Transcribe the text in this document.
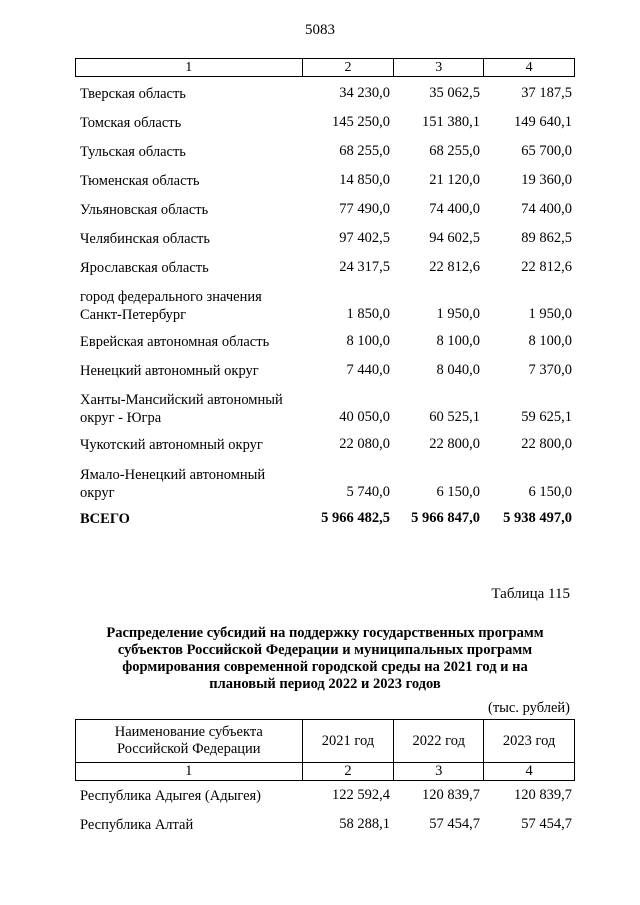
5083
1	2	3	4
Тверская область	34 230,0	35 062,5	37 187,5
Томская область	145 250,0	151 380,1	149 640,1
Тульская область	68 255,0	68 255,0	65 700,0
Тюменская область	14 850,0	21 120,0	19 360,0
Ульяновская область	77 490,0	74 400,0	74 400,0
Челябинская область	97 402,5	94 602,5	89 862,5
Ярославская область	24 317,5	22 812,6	22 812,6
город федерального значения
Санкт-Петербург	1 850,0	1 950,0	1 950,0
Еврейская автономная область	8 100,0	8 100,0	8 100,0
Ненецкий автономный округ	7 440,0	8 040,0	7 370,0
Ханты-Мансийский автономный
округ - Югра	40 050,0	60 525,1	59 625,1
Чукотский автономный округ	22 080,0	22 800,0	22 800,0
Ямало-Ненецкий автономный
округ	5 740,0	6 150,0	6 150,0
ВСЕГО	5 966 482,5	5 966 847,0	5 938 497,0
Таблица 115
Распределение субсидий на поддержку государственных программ
субъектов Российской Федерации и муниципальных программ
формирования современной городской среды на 2021 год и на
плановый период 2022 и 2023 годов
(тыс. рублей)
Наименование субъекта
Российской Федерации	2021 год	2022 год	2023 год
1	2	3	4
Республика Адыгея (Адыгея)	122 592,4	120 839,7	120 839,7
Республика Алтай	58 288,1	57 454,7	57 454,7
